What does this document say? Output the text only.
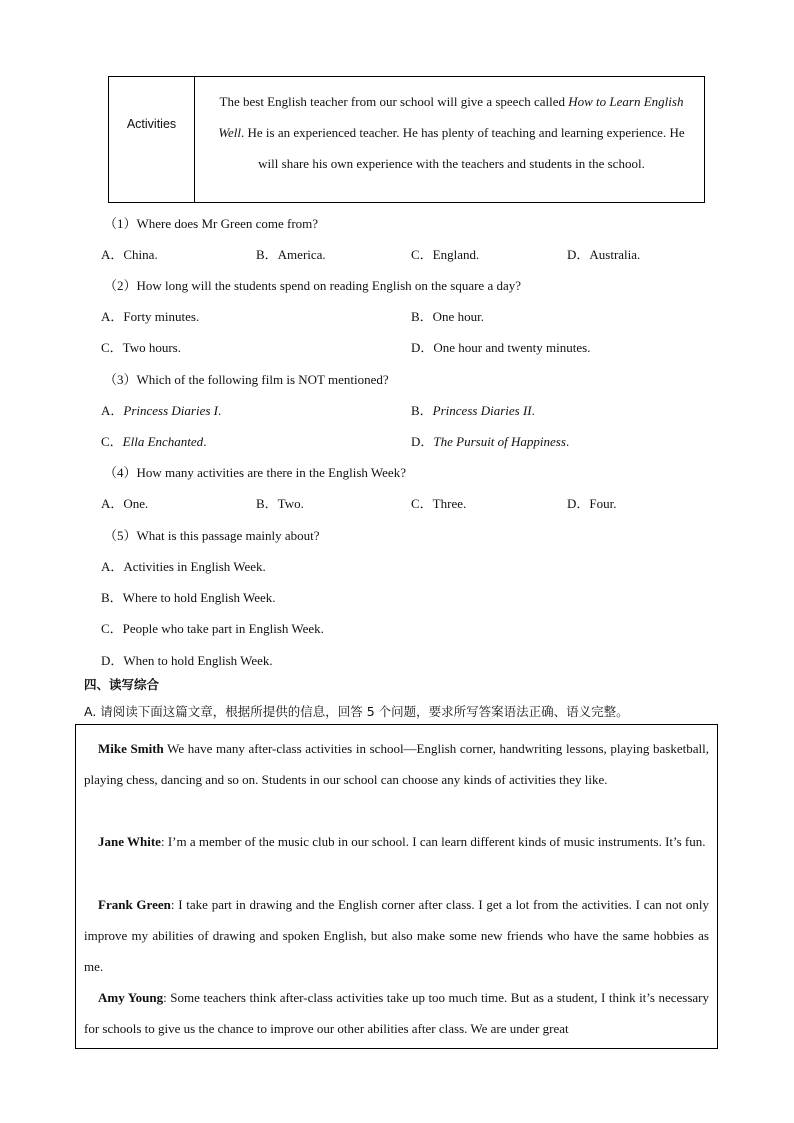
Activities
The best English teacher from our school will give a speech called How to Learn English Well. He is an experienced teacher. He has plenty of teaching and learning experience. He will share his own experience with the teachers and students in the school.
（1）Where does Mr Green come from?
A．China.	B．America.	C．England.	D．Australia.
（2）How long will the students spend on reading English on the square a day?
A．Forty minutes.	B．One hour.
C．Two hours.	D．One hour and twenty minutes.
（3）Which of the following film is NOT mentioned?
A．Princess Diaries I.	B．Princess Diaries II.
C．Ella Enchanted.	D．The Pursuit of Happiness.
（4）How many activities are there in the English Week?
A．One.	B．Two.	C．Three.	D．Four.
（5）What is this passage mainly about?
A．Activities in English Week.
B．Where to hold English Week.
C．People who take part in English Week.
D．When to hold English Week.
四、读写综合
A. 请阅读下面这篇文章，根据所提供的信息，回答 5 个问题，要求所写答案语法正确、语义完整。
Mike Smith We have many after-class activities in school—English corner, handwriting lessons, playing basketball, playing chess, dancing and so on. Students in our school can choose any kinds of activities they like.
Jane White: I’m a member of the music club in our school. I can learn different kinds of music instruments. It’s fun.
Frank Green: I take part in drawing and the English corner after class. I get a lot from the activities. I can not only improve my abilities of drawing and spoken English, but also make some new friends who have the same hobbies as me.
Amy Young: Some teachers think after-class activities take up too much time. But as a student, I think it’s necessary for schools to give us the chance to improve our other abilities after class. We are under great
